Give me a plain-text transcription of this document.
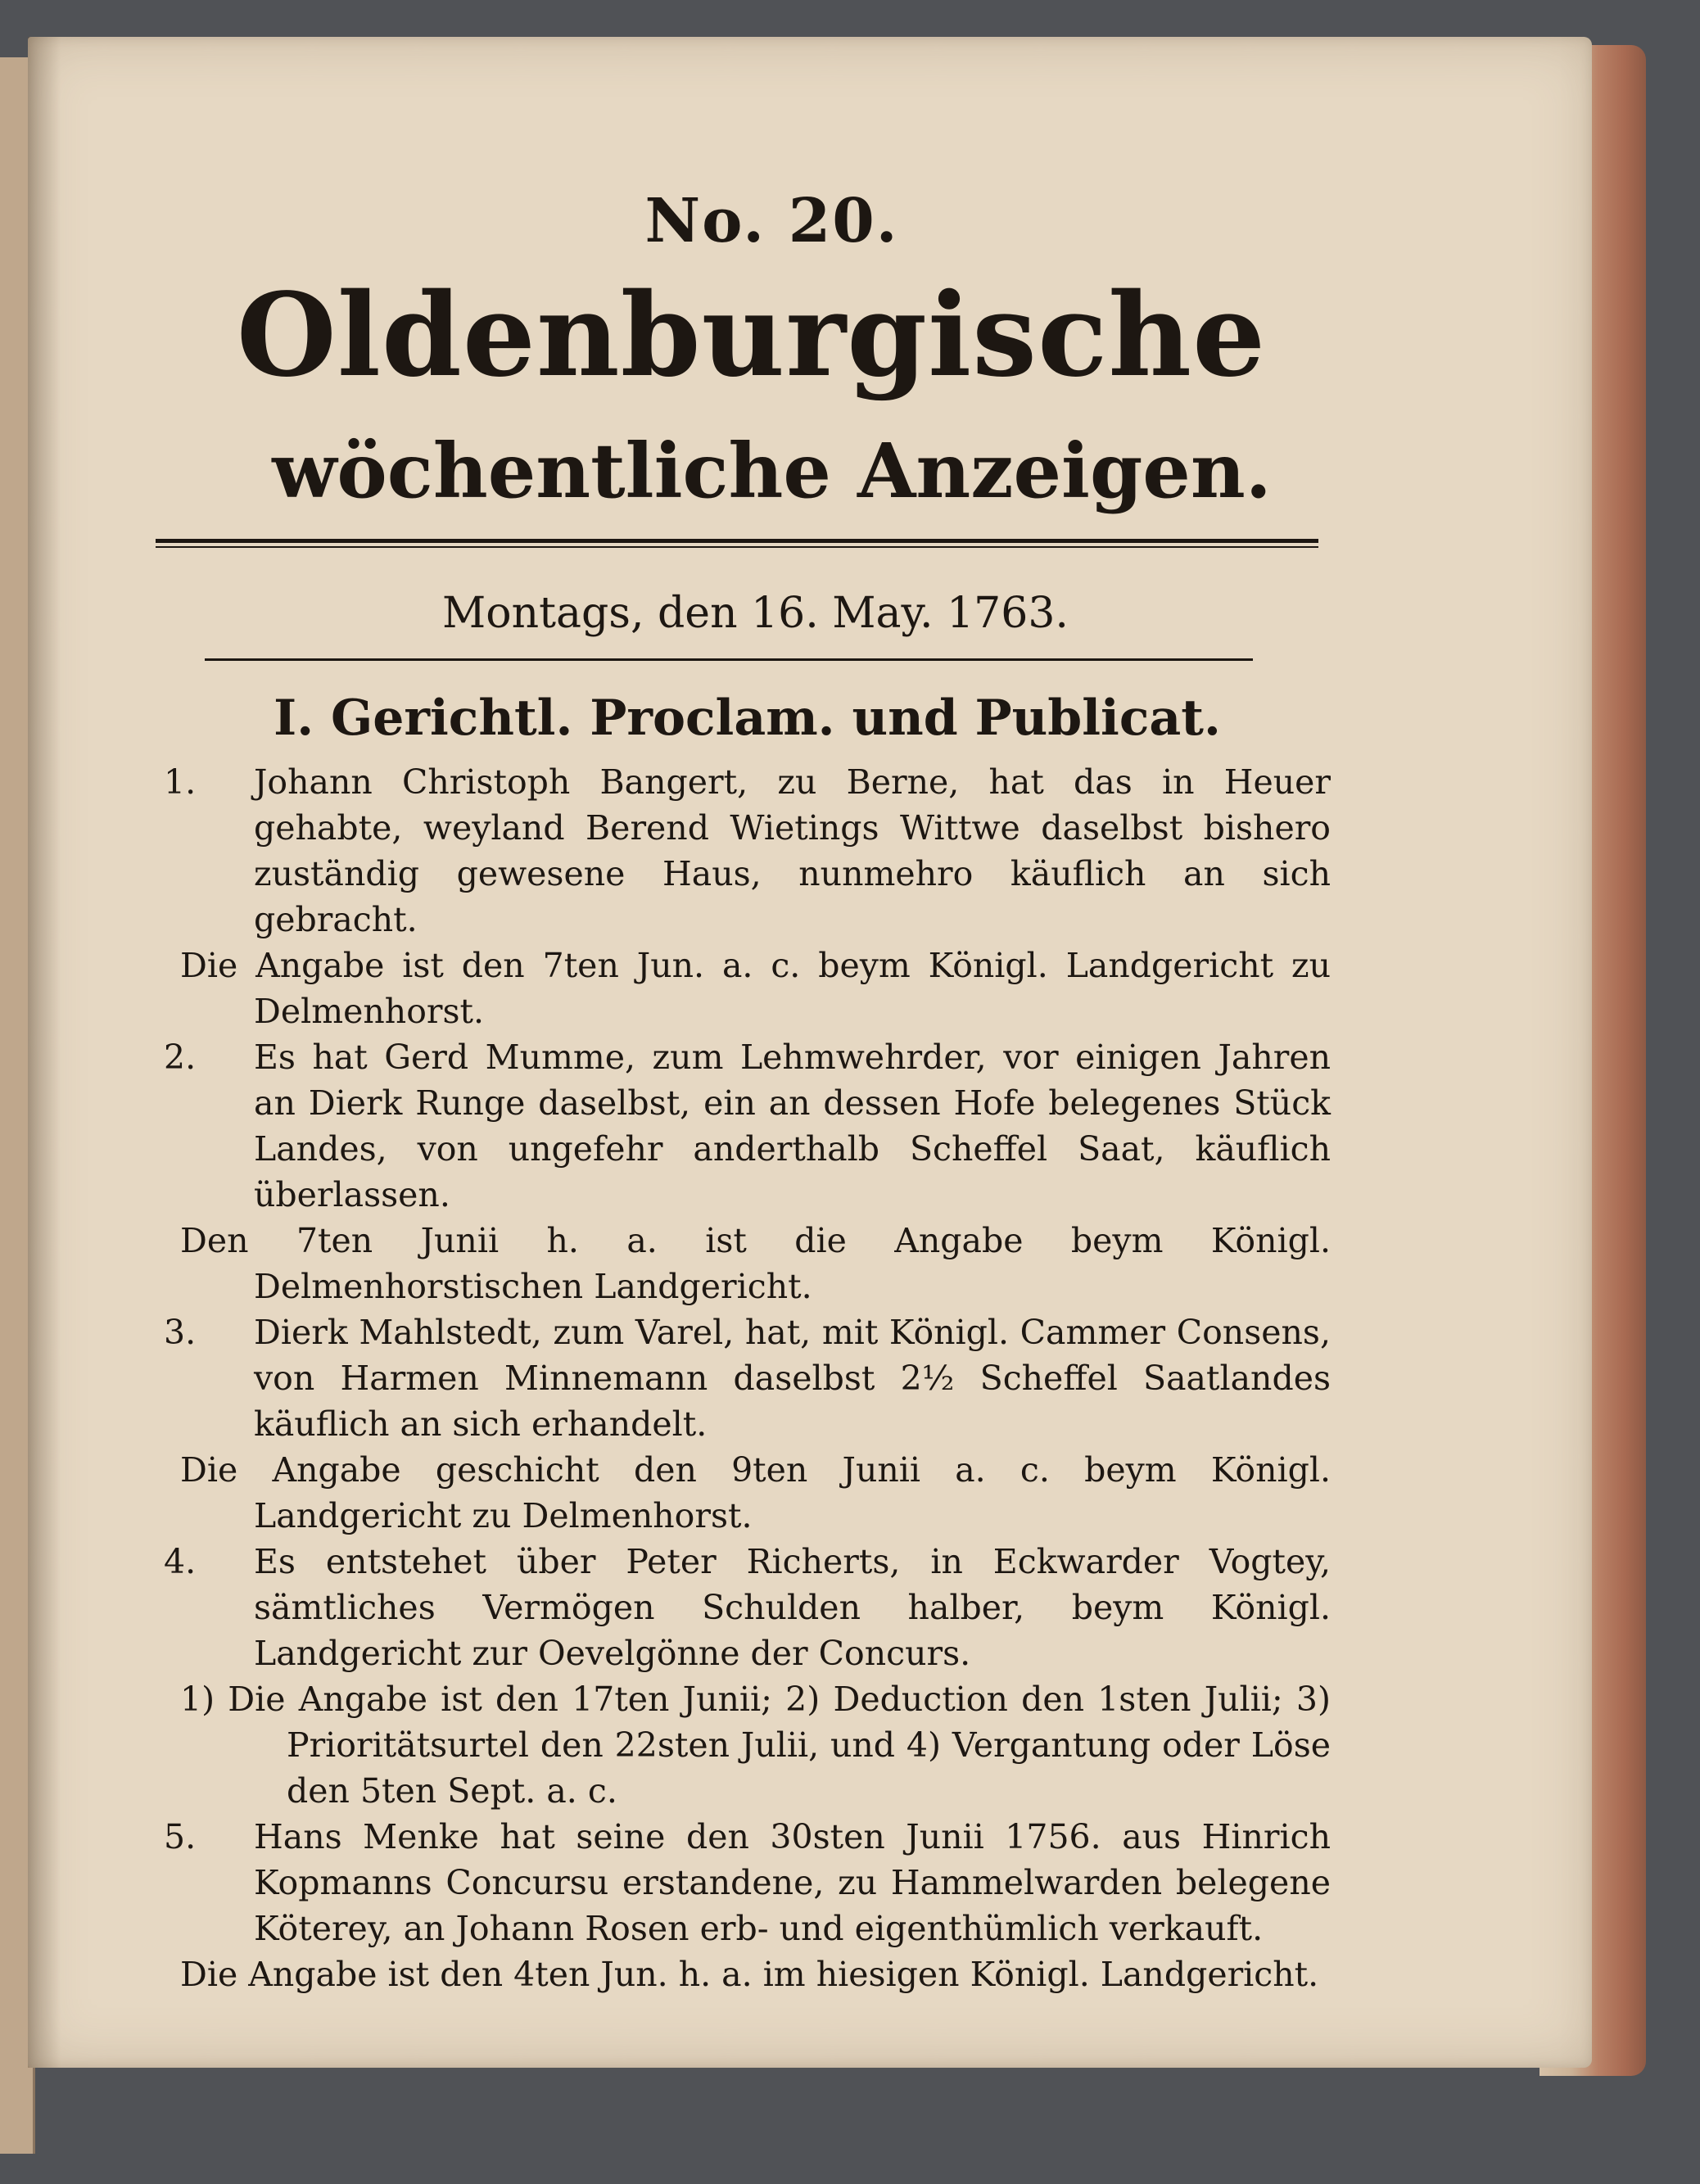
No. 20.
Oldenburgische
wöchentliche Anzeigen.
Montags, den 16. May. 1763.
I. Gerichtl. Proclam. und Publicat.
1.	Johann Christoph Bangert, zu Berne, hat das in Heuer gehabte, weyland Berend Wietings Wittwe daselbst bishero zuständig gewesene Haus, nunmehro käuflich an sich gebracht.
Die Angabe ist den 7ten Jun. a. c. beym Königl. Landgericht zu Delmenhorst.
2.	Es hat Gerd Mumme, zum Lehmwehrder, vor einigen Jahren an Dierk Runge daselbst, ein an dessen Hofe belegenes Stück Landes, von ungefehr anderthalb Scheffel Saat, käuflich überlassen.
Den 7ten Junii h. a. ist die Angabe beym Königl. Delmenhorstischen Landgericht.
3.	Dierk Mahlstedt, zum Varel, hat, mit Königl. Cammer Consens, von Harmen Minnemann daselbst 2½ Scheffel Saatlandes käuflich an sich erhandelt.
Die Angabe geschicht den 9ten Junii a. c. beym Königl. Landgericht zu Delmenhorst.
4.	Es entstehet über Peter Richerts, in Eckwarder Vogtey, sämtliches Vermögen Schulden halber, beym Königl. Landgericht zur Oevelgönne der Concurs.
1) Die Angabe ist den 17ten Junii; 2) Deduction den 1sten Julii; 3) Prioritätsurtel den 22sten Julii, und 4) Vergantung oder Löse den 5ten Sept. a. c.
5.	Hans Menke hat seine den 30sten Junii 1756. aus Hinrich Kopmanns Concursu erstandene, zu Hammelwarden belegene Köterey, an Johann Rosen erb- und eigenthümlich verkauft.
Die Angabe ist den 4ten Jun. h. a. im hiesigen Königl. Landgericht.
